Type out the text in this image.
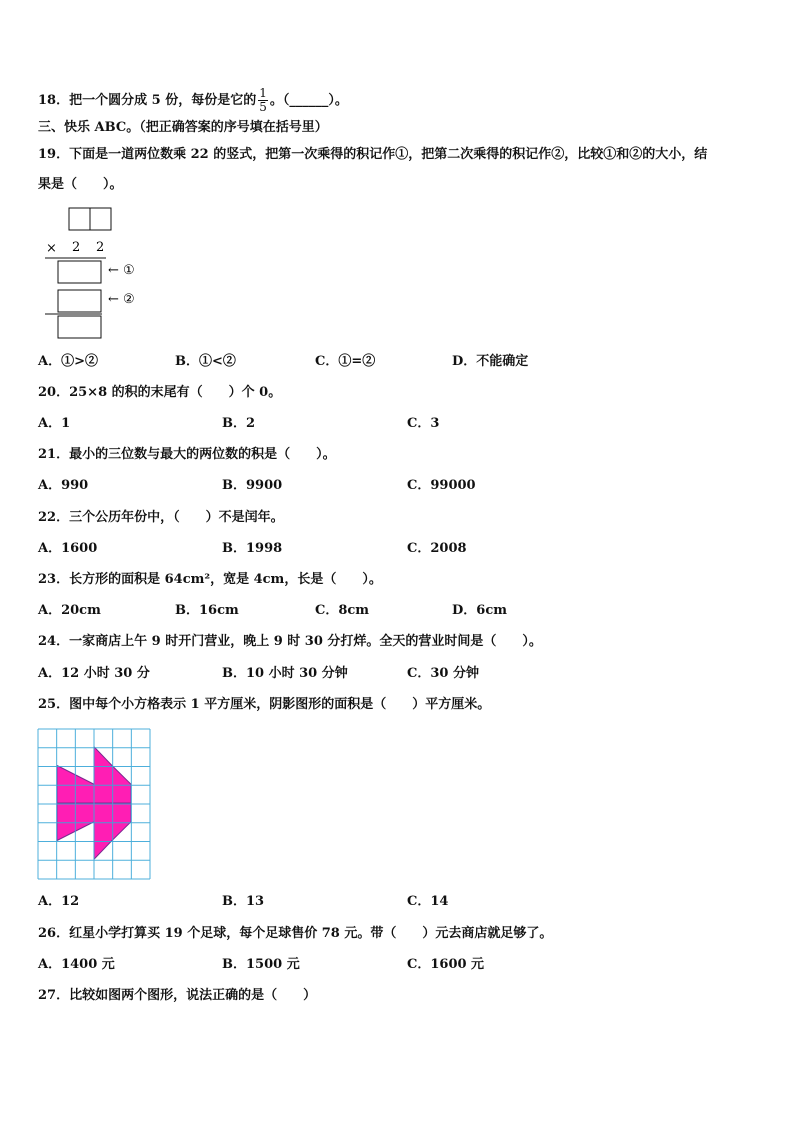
18．把一个圆分成 5 份，每份是它的 $\frac{1}{5}$ 。（______）。
三、快乐 ABC。（把正确答案的序号填在括号里）
19．下面是一道两位数乘 22 的竖式，把第一次乘得的积记作①，把第二次乘得的积记作②，比较①和②的大小，结
果是（　　）。
× 2 2
← ①
← ②
A．①>②	B．①<②	C．①=②	D．不能确定
20．25×8 的积的末尾有（　　）个 0。
A．1	B．2	C．3
21．最小的三位数与最大的两位数的积是（　　）。
A．990	B．9900	C．99000
22．三个公历年份中，（　　）不是闰年。
A．1600	B．1998	C．2008
23．长方形的面积是 64cm²，宽是 4cm，长是（　　）。
A．20cm	B．16cm	C．8cm	D．6cm
24．一家商店上午 9 时开门营业，晚上 9 时 30 分打烊。全天的营业时间是（　　）。
A．12 小时 30 分	B．10 小时 30 分钟	C．30 分钟
25．图中每个小方格表示 1 平方厘米，阴影图形的面积是（　　）平方厘米。
A．12	B．13	C．14
26．红星小学打算买 19 个足球，每个足球售价 78 元。带（　　）元去商店就足够了。
A．1400 元	B．1500 元	C．1600 元
27．比较如图两个图形，说法正确的是（　　）
